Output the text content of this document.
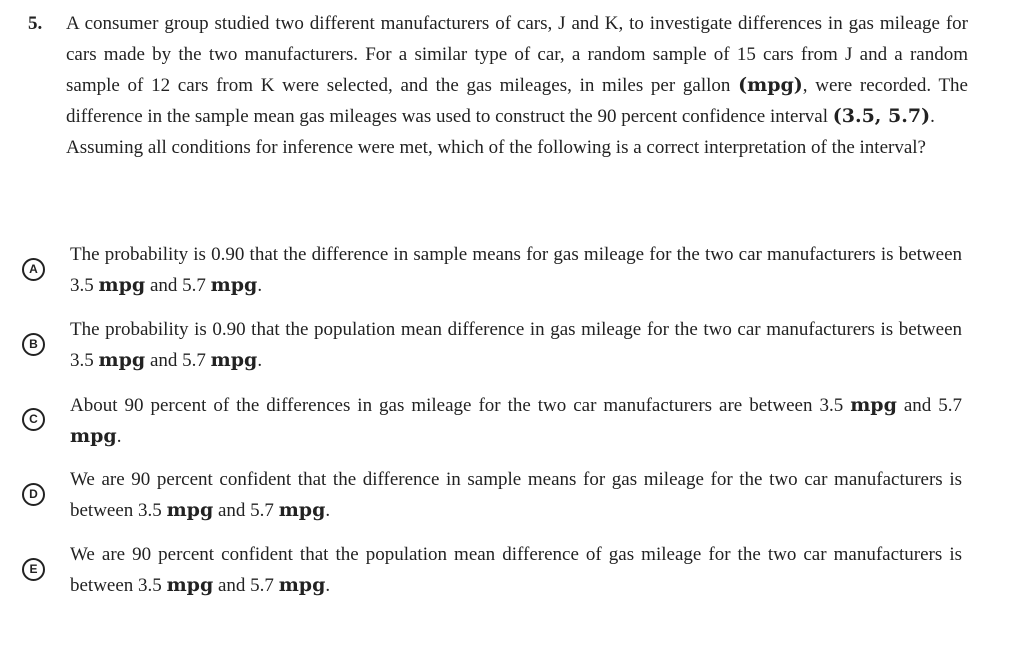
5. A consumer group studied two different manufacturers of cars, J and K, to investigate differences in gas mileage for cars made by the two manufacturers. For a similar type of car, a random sample of 15 cars from J and a random sample of 12 cars from K were selected, and the gas mileages, in miles per gallon (mpg), were recorded. The difference in the sample mean gas mileages was used to construct the 90 percent confidence interval (3.5, 5.7).

Assuming all conditions for inference were met, which of the following is a correct interpretation of the interval?

A
The probability is 0.90 that the difference in sample means for gas mileage for the two car manufacturers is between 3.5 mpg and 5.7 mpg.
B
The probability is 0.90 that the population mean difference in gas mileage for the two car manufacturers is between 3.5 mpg and 5.7 mpg.
C
About 90 percent of the differences in gas mileage for the two car manufacturers are between 3.5 mpg and 5.7 mpg.
D
We are 90 percent confident that the difference in sample means for gas mileage for the two car manufacturers is between 3.5 mpg and 5.7 mpg.
E
We are 90 percent confident that the population mean difference of gas mileage for the two car manufacturers is between 3.5 mpg and 5.7 mpg.
